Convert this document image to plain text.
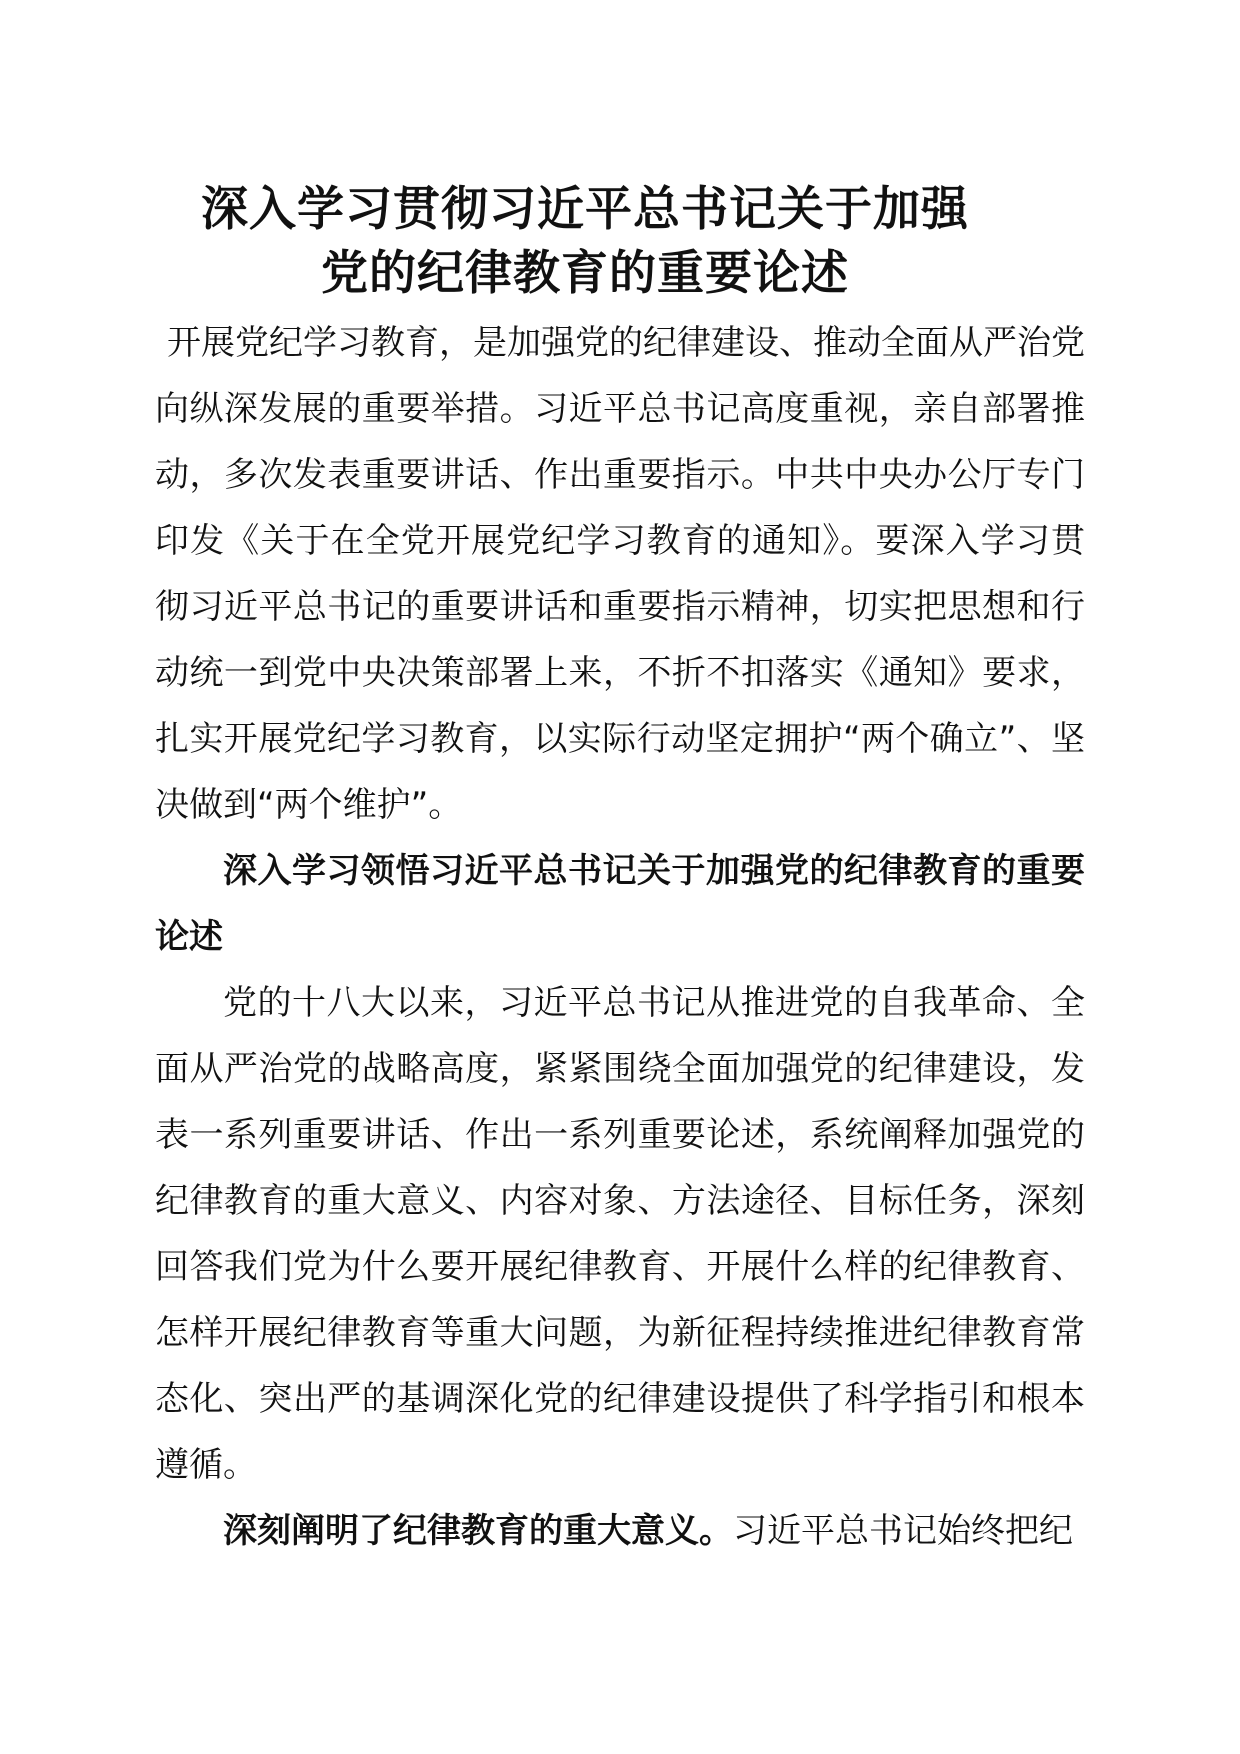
深入学习贯彻习近平总书记关于加强
党的纪律教育的重要论述
开展党纪学习教育，是加强党的纪律建设、推动全面从严治党向纵深发展的重要举措。习近平总书记高度重视，亲自部署推动，多次发表重要讲话、作出重要指示。中共中央办公厅专门印发《关于在全党开展党纪学习教育的通知》。要深入学习贯彻习近平总书记的重要讲话和重要指示精神，切实把思想和行动统一到党中央决策部署上来，不折不扣落实《通知》要求，扎实开展党纪学习教育，以实际行动坚定拥护“两个确立”、坚决做到“两个维护”。
深入学习领悟习近平总书记关于加强党的纪律教育的重要论述
党的十八大以来，习近平总书记从推进党的自我革命、全面从严治党的战略高度，紧紧围绕全面加强党的纪律建设，发表一系列重要讲话、作出一系列重要论述，系统阐释加强党的纪律教育的重大意义、内容对象、方法途径、目标任务，深刻回答我们党为什么要开展纪律教育、开展什么样的纪律教育、怎样开展纪律教育等重大问题，为新征程持续推进纪律教育常态化、突出严的基调深化党的纪律建设提供了科学指引和根本遵循。
深刻阐明了纪律教育的重大意义。习近平总书记始终把纪
